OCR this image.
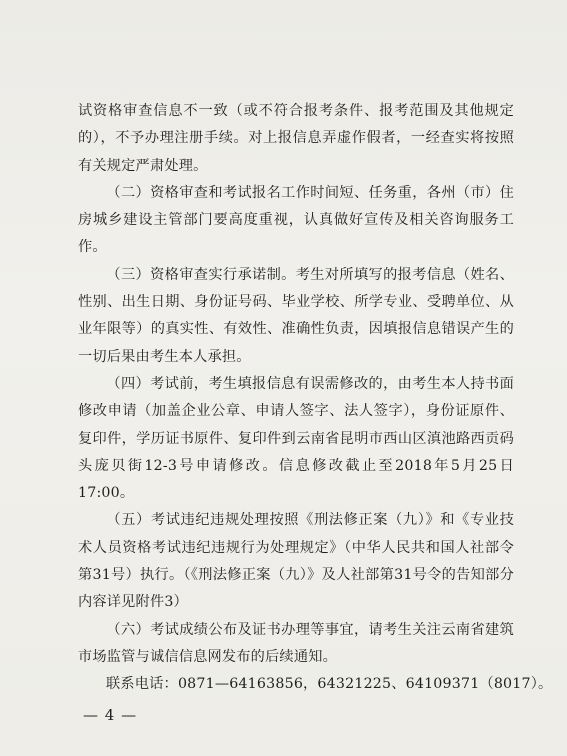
试资格审查信息不一致（或不符合报考条件、报考范围及其他规定的），不予办理注册手续。对上报信息弄虚作假者，一经查实将按照有关规定严肃处理。

（二）资格审查和考试报名工作时间短、任务重，各州（市）住房城乡建设主管部门要高度重视，认真做好宣传及相关咨询服务工作。

（三）资格审查实行承诺制。考生对所填写的报考信息（姓名、性别、出生日期、身份证号码、毕业学校、所学专业、受聘单位、从业年限等）的真实性、有效性、准确性负责，因填报信息错误产生的一切后果由考生本人承担。

（四）考试前，考生填报信息有误需修改的，由考生本人持书面修改申请（加盖企业公章、申请人签字、法人签字），身份证原件、复印件，学历证书原件、复印件到云南省昆明市西山区滇池路西贡码头庞贝街12-3号申请修改。信息修改截止至2018年5月25日17:00。

（五）考试违纪违规处理按照《刑法修正案（九）》和《专业技术人员资格考试违纪违规行为处理规定》（中华人民共和国人社部令第31号）执行。（《刑法修正案（九）》及人社部第31号令的告知部分内容详见附件3）

（六）考试成绩公布及证书办理等事宜，请考生关注云南省建筑市场监管与诚信信息网发布的后续通知。

联系电话：0871—64163856，64321225、64109371（8017）。

— 4 —
